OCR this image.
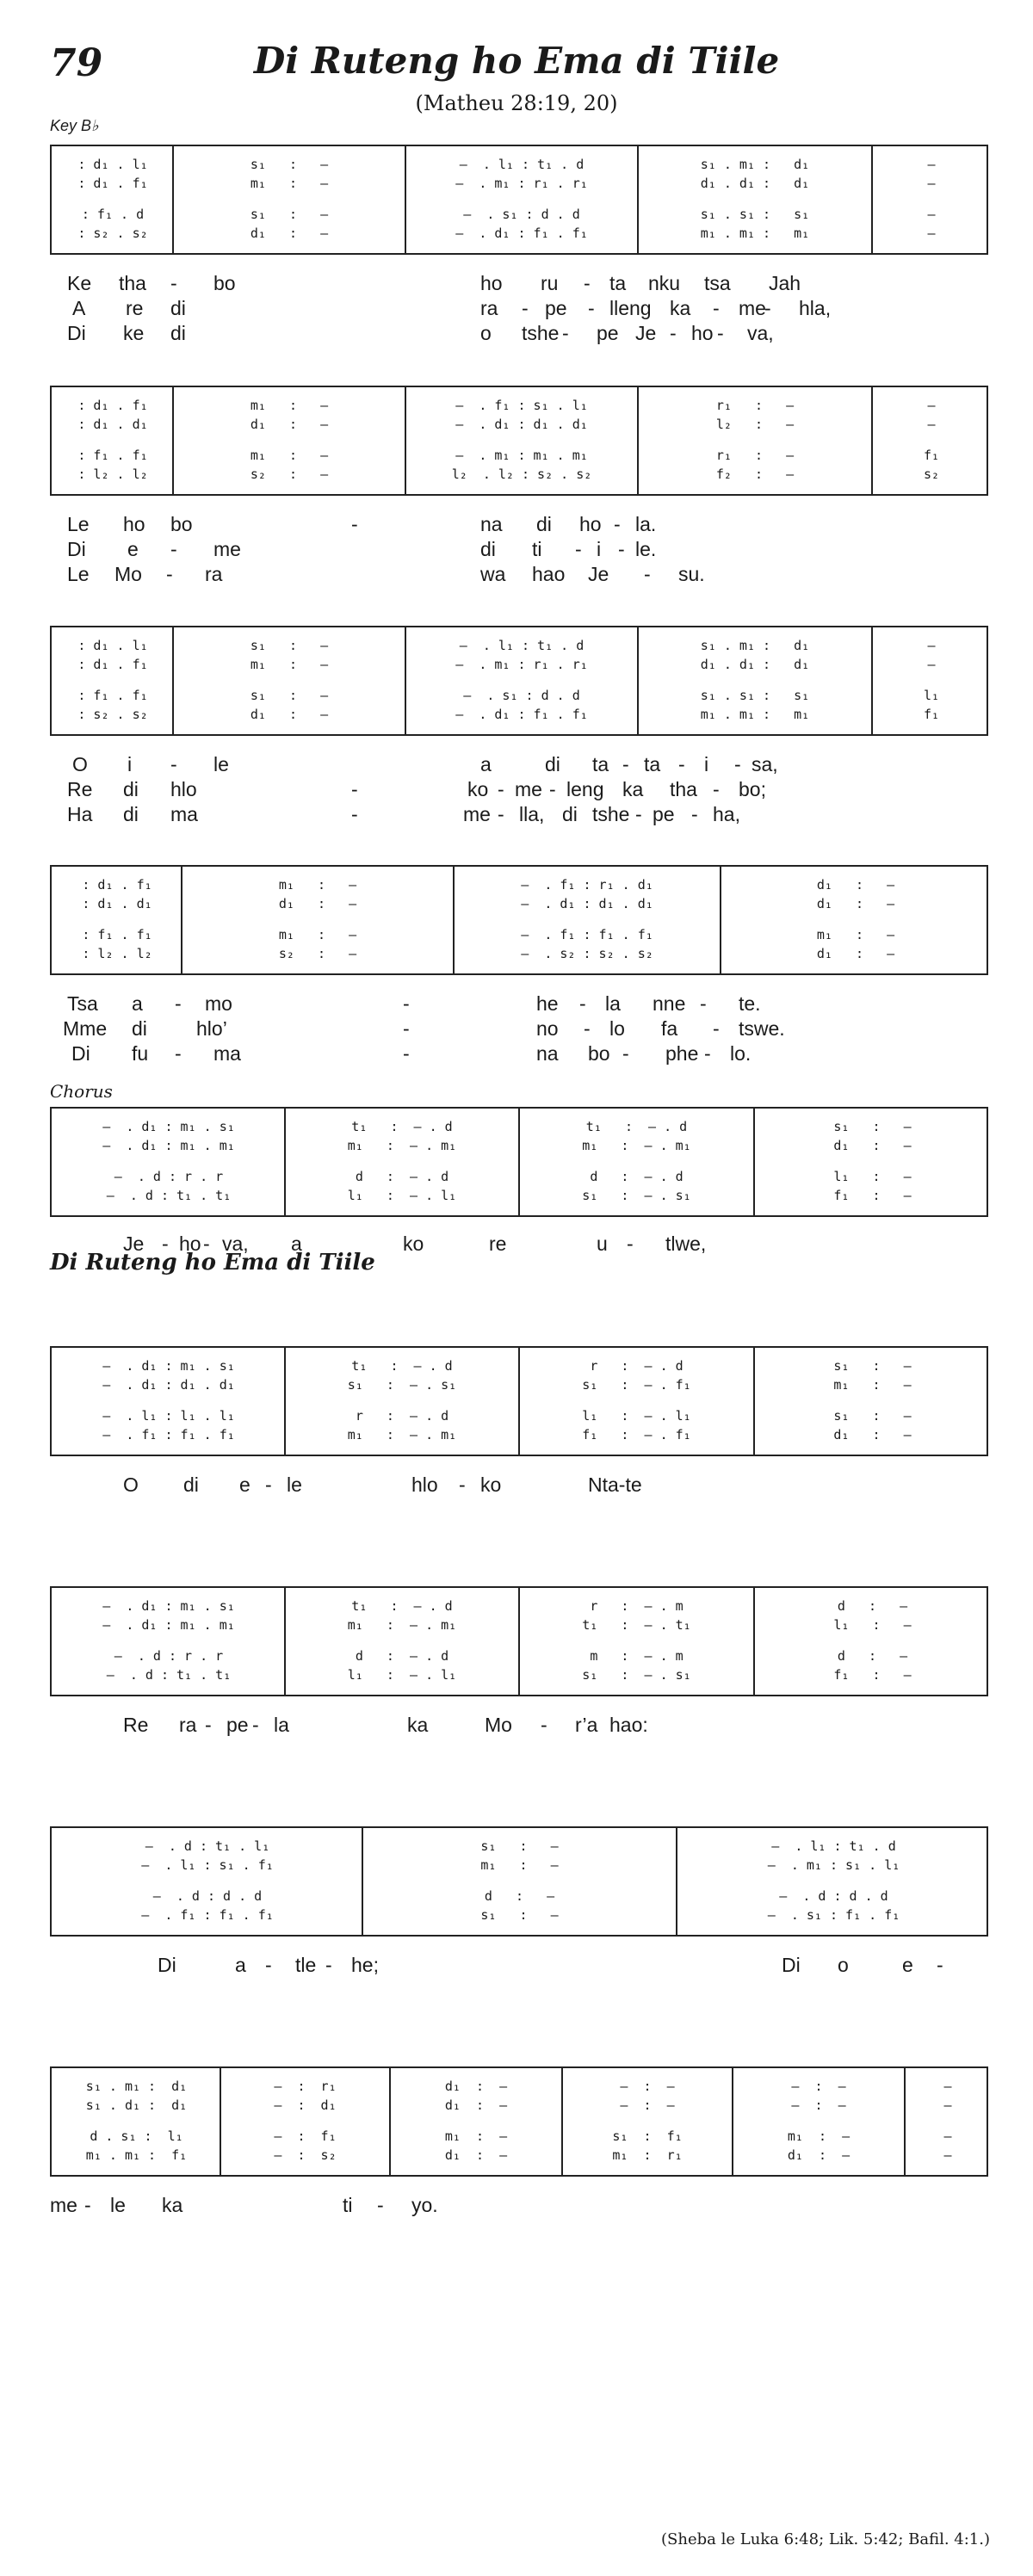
79	Di Ruteng ho Ema di Tiile
(Matheu 28:19, 20)
Key B♭
Chorus
Di Ruteng ho Ema di Tiile
: d₁ . l₁	s₁   :   —	–  . l₁ : t₁ . d	s₁ . m₁ :   d₁	—
: d₁ . f₁	m₁   :   —	–  . m₁ : r₁ . r₁	d₁ . d₁ :   d₁	—
: f₁ . d	s₁   :   —	–  . s₁ : d . d	s₁ . s₁ :   s₁	—
: s₂ . s₂	d₁   :   —	–  . d₁ : f₁ . f₁	m₁ . m₁ :   m₁	—
Ke tha - bo	ho ru - ta nku tsa Jah
A re di	ra - pe - lleng ka - me
- hla,
Di ke di	o tshe - pe Je - ho - va,
: d₁ . f₁	m₁   :   —	–  . f₁ : s₁ . l₁	r₁   :   —	—
: d₁ . d₁	d₁   :   —	–  . d₁ : d₁ . d₁	l₂   :   —	—
: f₁ . f₁	m₁   :   —	–  . m₁ : m₁ . m₁	r₁   :   —	f₁
: l₂ . l₂	s₂   :   —	l₂  . l₂ : s₂ . s₂	f₂   :   —	s₂
Le ho bo	-	na di ho - la.
Di e - me	di ti - i - le.
Le Mo - ra	wa hao Je - su.
: d₁ . l₁	s₁   :   —	–  . l₁ : t₁ . d	s₁ . m₁ :   d₁	—
: d₁ . f₁	m₁   :   —	–  . m₁ : r₁ . r₁	d₁ . d₁ :   d₁	—
: f₁ . f₁	s₁   :   —	–  . s₁ : d . d	s₁ . s₁ :   s₁	l₁
: s₂ . s₂	d₁   :   —	–  . d₁ : f₁ . f₁	m₁ . m₁ :   m₁	f₁
O i - le	a	di ta - ta - i - sa,
Re di hlo	-	ko - me - leng ka tha - bo;
Ha di ma	-	me - lla, di tshe - pe - ha,
: d₁ . f₁	m₁   :   —	–  . f₁ : r₁ . d₁	d₁   :   —
: d₁ . d₁	d₁   :   —	–  . d₁ : d₁ . d₁	d₁   :   —
: f₁ . f₁	m₁   :   —	–  . f₁ : f₁ . f₁	m₁   :   —
: l₂ . l₂	s₂   :   —	–  . s₂ : s₂ . s₂	d₁   :   —
Tsa a - mo	-	he - la nne - te.
Mme di hlo’	-	no - lo fa - tswe.
Di fu - ma	-	na bo - phe - lo.
–  . d₁ : m₁ . s₁	t₁   :  – . d	t₁   :  – . d	s₁   :   —
–  . d₁ : m₁ . m₁	m₁   :  – . m₁	m₁   :  – . m₁	d₁   :   —
–  . d : r . r	d   :  – . d	d   :  – . d	l₁   :   —
–  . d : t₁ . t₁	l₁   :  – . l₁	s₁   :  – . s₁	f₁   :   —
Je - ho - va, a	ko	re	u - tlwe,
–  . d₁ : m₁ . s₁	t₁   :  – . d	r   :  – . d	s₁   :   —
–  . d₁ : d₁ . d₁	s₁   :  – . s₁	s₁   :  – . f₁	m₁   :   —
–  . l₁ : l₁ . l₁	r   :  – . d	l₁   :  – . l₁	s₁   :   —
–  . f₁ : f₁ . f₁	m₁   :  – . m₁	f₁   :  – . f₁	d₁   :   —
O di e - le	hlo - ko	Nta-te
–  . d₁ : m₁ . s₁	t₁   :  – . d	r   :  – . m	d   :   —
–  . d₁ : m₁ . m₁	m₁   :  – . m₁	t₁   :  – . t₁	l₁   :   —
–  . d : r . r	d   :  – . d	m   :  – . m	d   :   —
–  . d : t₁ . t₁	l₁   :  – . l₁	s₁   :  – . s₁	f₁   :   —
Re ra - pe - la	ka	Mo - r’a hao:
–  . d : t₁ . l₁	s₁   :   —	–  . l₁ : t₁ . d
–  . l₁ : s₁ . f₁	m₁   :   —	–  . m₁ : s₁ . l₁
–  . d : d . d	d   :   —	–  . d : d . d
–  . f₁ : f₁ . f₁	s₁   :   —	–  . s₁ : f₁ . f₁
Di	a - tle - he;	Di o	e -
s₁ . m₁ :  d₁	—  :  r₁	d₁  :  —	—  :  —	—  :  —	—
s₁ . d₁ :  d₁	—  :  d₁	d₁  :  —	—  :  —	—  :  —	—
d . s₁ :  l₁	—  :  f₁	m₁  :  —	s₁  :  f₁	m₁  :  —	—
m₁ . m₁ :  f₁	—  :  s₂	d₁  :  —	m₁  :  r₁	d₁  :  —	—
me - le ka	ti - yo.
(Sheba le Luka 6:48; Lik. 5:42; Bafil. 4:1.)
